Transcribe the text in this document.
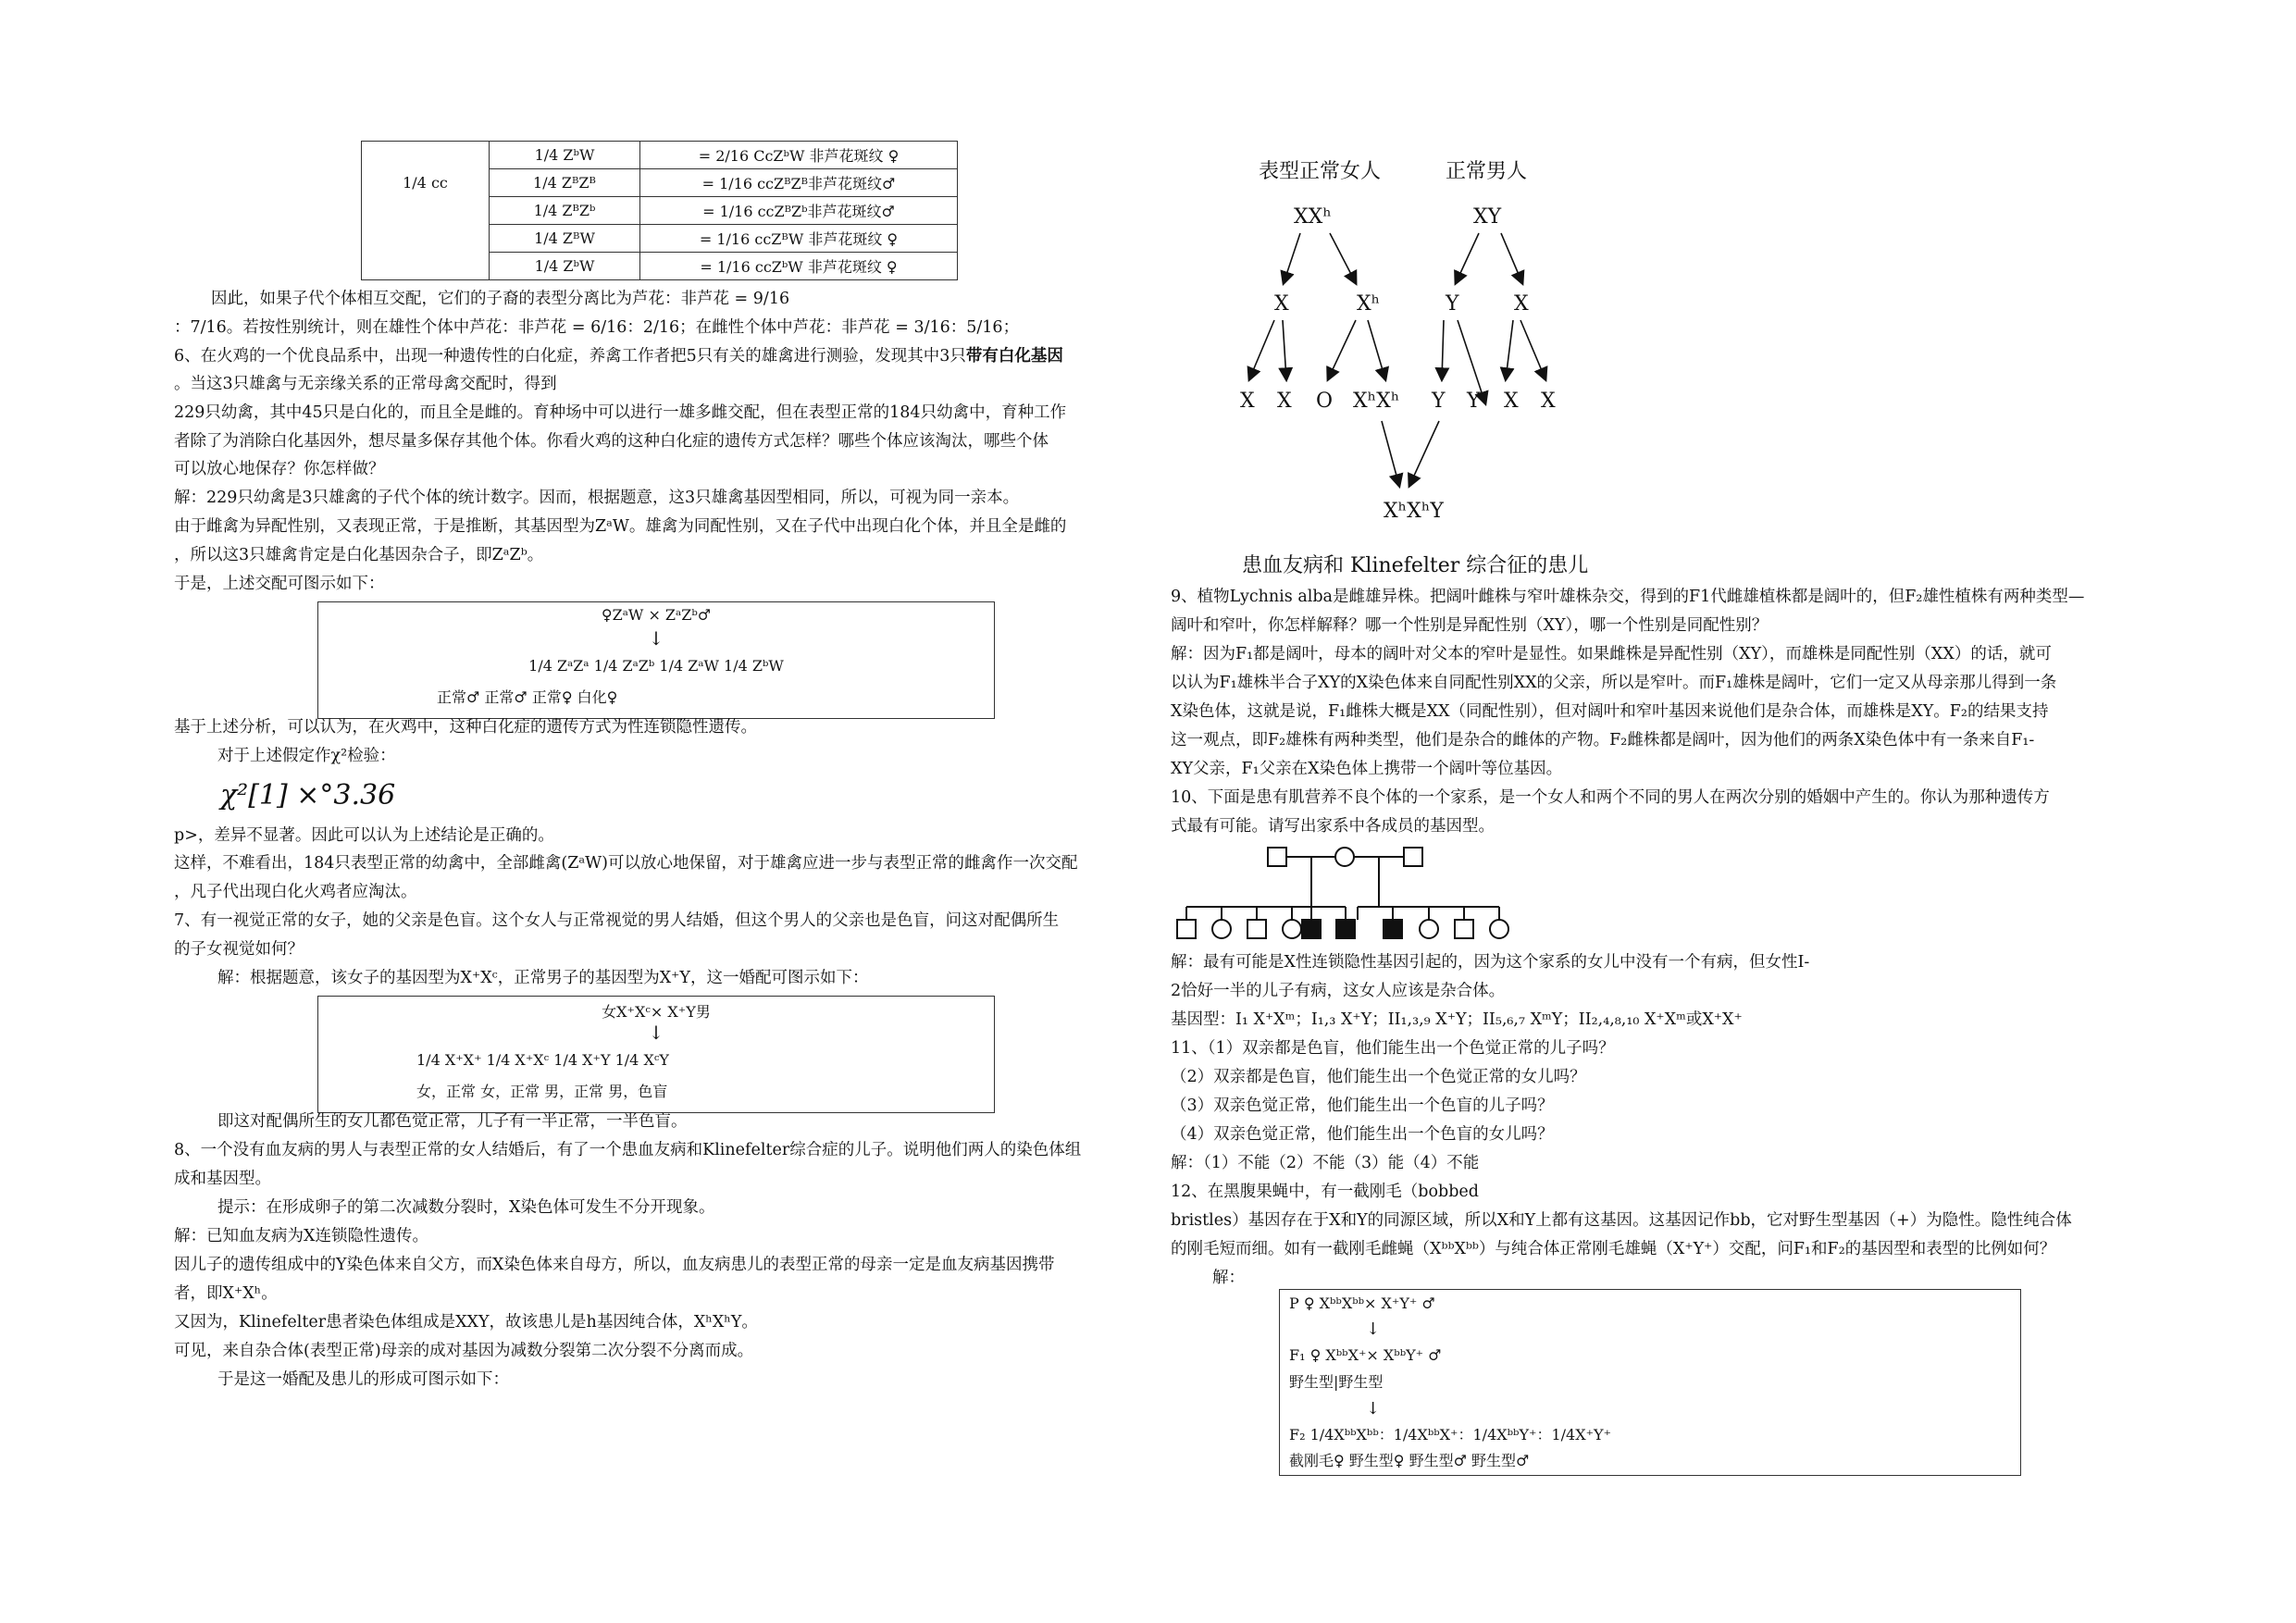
	1/4 ZᵇW	= 2/16 CcZᵇW 非芦花斑纹 ♀
1/4 cc	1/4 ZᴮZᴮ	= 1/16 ccZᴮZᴮ非芦花斑纹♂
	1/4 ZᴮZᵇ	= 1/16 ccZᴮZᵇ非芦花斑纹♂
	1/4 ZᴮW	= 1/16 ccZᴮW 非芦花斑纹 ♀
	1/4 ZᵇW	= 1/16 ccZᵇW 非芦花斑纹 ♀
因此，如果子代个体相互交配，它们的子裔的表型分离比为芦花：非芦花 = 9/16
：7/16。若按性别统计，则在雄性个体中芦花：非芦花 = 6/16：2/16；在雌性个体中芦花：非芦花 = 3/16：5/16；
6、在火鸡的一个优良品系中，出现一种遗传性的白化症，养禽工作者把5只有关的雄禽进行测验，发现其中3只带有白化基因
。当这3只雄禽与无亲缘关系的正常母禽交配时，得到
229只幼禽，其中45只是白化的，而且全是雌的。育种场中可以进行一雄多雌交配，但在表型正常的184只幼禽中，育种工作
者除了为消除白化基因外，想尽量多保存其他个体。你看火鸡的这种白化症的遗传方式怎样？哪些个体应该淘汰，哪些个体
可以放心地保存？你怎样做？
解：229只幼禽是3只雄禽的子代个体的统计数字。因而，根据题意，这3只雄禽基因型相同，所以，可视为同一亲本。
由于雌禽为异配性别，又表现正常，于是推断，其基因型为ZᵃW。雄禽为同配性别，又在子代中出现白化个体，并且全是雌的
，所以这3只雄禽肯定是白化基因杂合子，即ZᵃZᵇ。
于是，上述交配可图示如下：
♀ZᵃW × ZᵃZᵇ♂
↓
1/4 ZᵃZᵃ 1/4 ZᵃZᵇ 1/4 ZᵃW 1/4 ZᵇW
正常♂ 正常♂ 正常♀ 白化♀
基于上述分析，可以认为，在火鸡中，这种白化症的遗传方式为性连锁隐性遗传。
对于上述假定作χ²检验：
χ²[1] ×°3.36
p>，差异不显著。因此可以认为上述结论是正确的。
这样，不难看出，184只表型正常的幼禽中，全部雌禽(ZᵃW)可以放心地保留，对于雄禽应进一步与表型正常的雌禽作一次交配
，凡子代出现白化火鸡者应淘汰。
7、有一视觉正常的女子，她的父亲是色盲。这个女人与正常视觉的男人结婚，但这个男人的父亲也是色盲，问这对配偶所生
的子女视觉如何？
解：根据题意，该女子的基因型为X⁺Xᶜ，正常男子的基因型为X⁺Y，这一婚配可图示如下：
女X⁺Xᶜ× X⁺Y男
↓
1/4 X⁺X⁺ 1/4 X⁺Xᶜ 1/4 X⁺Y 1/4 XᶜY
女，正常 女，正常 男，正常 男，色盲
即这对配偶所生的女儿都色觉正常，儿子有一半正常，一半色盲。
8、一个没有血友病的男人与表型正常的女人结婚后，有了一个患血友病和Klinefelter综合症的儿子。说明他们两人的染色体组
成和基因型。
提示：在形成卵子的第二次减数分裂时，X染色体可发生不分开现象。
解：已知血友病为X连锁隐性遗传。
因儿子的遗传组成中的Y染色体来自父方，而X染色体来自母方，所以，血友病患儿的表型正常的母亲一定是血友病基因携带
者，即X⁺Xʰ。
又因为，Klinefelter患者染色体组成是XXY，故该患儿是h基因纯合体，XʰXʰY。
可见，来自杂合体(表型正常)母亲的成对基因为减数分裂第二次分裂不分离而成。
于是这一婚配及患儿的形成可图示如下：
表型正常女人	正常男人
XXʰ	XY
X	Xʰ	Y	X
X X O XʰXʰ Y Y X X
XʰXʰY
患血友病和 Klinefelter 综合征的患儿
9、植物Lychnis alba是雌雄异株。把阔叶雌株与窄叶雄株杂交，得到的F1代雌雄植株都是阔叶的，但F₂雄性植株有两种类型—
阔叶和窄叶，你怎样解释？哪一个性别是异配性别（XY），哪一个性别是同配性别？
解：因为F₁都是阔叶，母本的阔叶对父本的窄叶是显性。如果雌株是异配性别（XY），而雄株是同配性别（XX）的话，就可
以认为F₁雄株半合子XY的X染色体来自同配性别XX的父亲，所以是窄叶。而F₁雄株是阔叶，它们一定又从母亲那儿得到一条
X染色体，这就是说，F₁雌株大概是XX（同配性别），但对阔叶和窄叶基因来说他们是杂合体，而雄株是XY。F₂的结果支持
这一观点，即F₂雄株有两种类型，他们是杂合的雌体的产物。F₂雌株都是阔叶，因为他们的两条X染色体中有一条来自F₁-
XY父亲，F₁父亲在X染色体上携带一个阔叶等位基因。
10、下面是患有肌营养不良个体的一个家系，是一个女人和两个不同的男人在两次分别的婚姻中产生的。你认为那种遗传方
式最有可能。请写出家系中各成员的基因型。
解：最有可能是X性连锁隐性基因引起的，因为这个家系的女儿中没有一个有病，但女性I-
2恰好一半的儿子有病，这女人应该是杂合体。
基因型：I₁ X⁺Xᵐ；I₁,₃ X⁺Y；II₁,₃,₉ X⁺Y；II₅,₆,₇ XᵐY；II₂,₄,₈,₁₀ X⁺Xᵐ或X⁺X⁺
11、（1）双亲都是色盲，他们能生出一个色觉正常的儿子吗？
（2）双亲都是色盲，他们能生出一个色觉正常的女儿吗？
（3）双亲色觉正常，他们能生出一个色盲的儿子吗？
（4）双亲色觉正常，他们能生出一个色盲的女儿吗？
解：（1）不能（2）不能（3）能（4）不能
12、在黑腹果蝇中，有一截刚毛（bobbed
bristles）基因存在于X和Y的同源区域，所以X和Y上都有这基因。这基因记作bb，它对野生型基因（+）为隐性。隐性纯合体
的刚毛短而细。如有一截刚毛雌蝇（XᵇᵇXᵇᵇ）与纯合体正常刚毛雄蝇（X⁺Y⁺）交配，问F₁和F₂的基因型和表型的比例如何？
解：
P ♀ XᵇᵇXᵇᵇ× X⁺Y⁺ ♂
↓
F₁ ♀ XᵇᵇX⁺× XᵇᵇY⁺ ♂
野生型|野生型
↓
F₂ 1/4XᵇᵇXᵇᵇ：1/4XᵇᵇX⁺：1/4XᵇᵇY⁺：1/4X⁺Y⁺
截刚毛♀ 野生型♀ 野生型♂ 野生型♂
